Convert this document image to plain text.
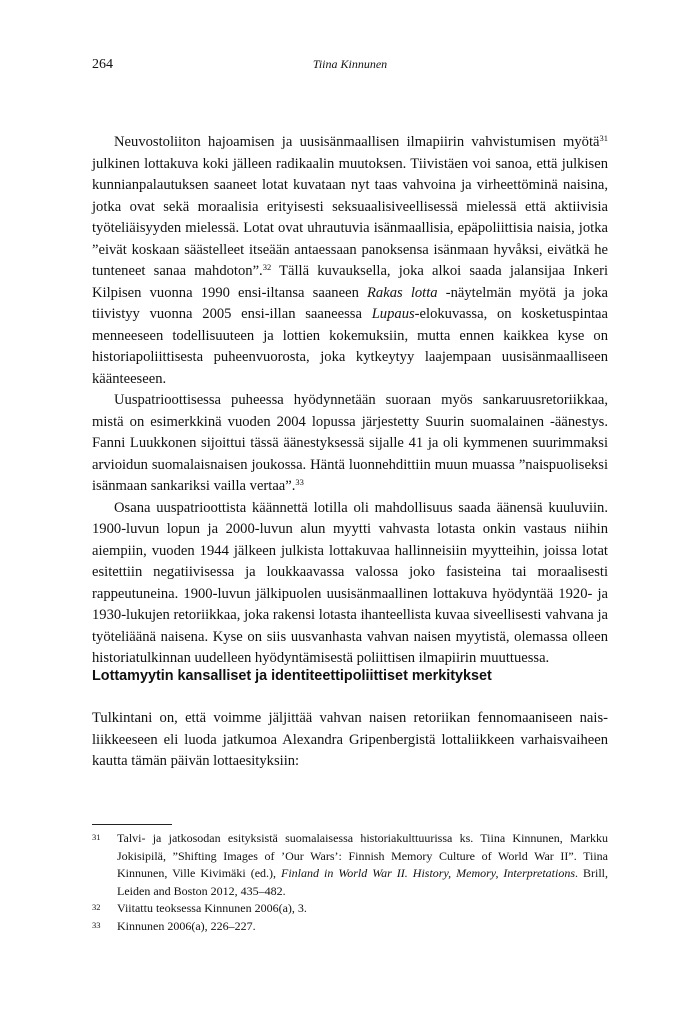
264	Tiina Kinnunen

Neuvostoliiton hajoamisen ja uusisänmaallisen ilmapiirin vahvistumisen myötä$^{31}$ julkinen lottakuva koki jälleen radikaalin muutoksen. Tiivistäen voi sanoa, että julkisen kunnianpalautuksen saaneet lotat kuvataan nyt taas vahvoina ja virheettöminä naisina, jotka ovat sekä moraalisia erityisesti seksuaalisiveellisessä mielessä että aktiivisia työteliäisyyden mielessä. Lotat ovat uhrautuvia isänmaallisia, epäpoliittisia naisia, jotka ”eivät koskaan säästelleet itseään antaessaan panoksensa isänmaan hyvåksi, eivätkä he tunteneet sanaa mahdoton”.$^{32}$ Tällä kuvauksella, joka alkoi saada jalansijaa Inkeri Kilpisen vuonna 1990 ensi-iltansa saaneen Rakas lotta -näytelmän myötä ja joka tiivistyy vuonna 2005 ensi-illan saaneessa Lupaus-elokuvassa, on kosketuspintaa menneeseen todellisuuteen ja lottien kokemuksiin, mutta ennen kaikkea kyse on historiapoliittisesta puheenvuorosta, joka kytkeytyy laajempaan uusisänmaalliseen käänteeseen.

Uuspatrioottisessa puheessa hyödynnetään suoraan myös sankaruusretoriikkaa, mistä on esimerkkinä vuoden 2004 lopussa järjestetty Suurin suomalainen -äänestys. Fanni Luukkonen sijoittui tässä äänestyksessä sijalle 41 ja oli kymmenen suurimmaksi arvioidun suomalaisnaisen joukossa. Häntä luonnehdittiin muun muassa ”naispuoliseksi isänmaan sankariksi vailla vertaa”.$^{33}$

Osana uuspatrioottista käännettä lotilla oli mahdollisuus saada äänensä kuuluviin. 1900-luvun lopun ja 2000-luvun alun myytti vahvasta lotasta onkin vastaus niihin aiempiin, vuoden 1944 jälkeen julkista lottakuvaa hallinneisiin myytteihin, joissa lotat esitettiin negatiivisessa ja loukkaavassa valossa joko fasisteina tai moraalisesti rappeutuneina. 1900-luvun jälkipuolen uusisänmaallinen lottakuva hyödyntää 1920- ja 1930-lukujen retoriikkaa, joka rakensi lotasta ihanteellista kuvaa siveellisesti vahvana ja työteliäänä naisena. Kyse on siis uusvanhasta vahvan naisen myytistä, olemassa olleen historiatulkinnan uudelleen hyödyntämisestä poliittisen ilmapiirin muuttuessa.

Lottamyytin kansalliset ja identiteettipoliittiset merkitykset

Tulkintani on, että voimme jäljittää vahvan naisen retoriikan fennomaaniseen naisliikkeeseen eli luoda jatkumoa Alexandra Gripenbergistä lottaliikkeen varhaisvaiheen kautta tämän päivän lottaesityksiin:

31 Talvi- ja jatkosodan esityksistä suomalaisessa historiakulttuurissa ks. Tiina Kinnunen, Markku Jokisipilä, ”Shifting Images of ’Our Wars’: Finnish Memory Culture of World War II”. Tiina Kinnunen, Ville Kivimäki (ed.), Finland in World War II. History, Memory, Interpretations. Brill, Leiden and Boston 2012, 435–482.
32 Viitattu teoksessa Kinnunen 2006(a), 3.
33 Kinnunen 2006(a), 226–227.
